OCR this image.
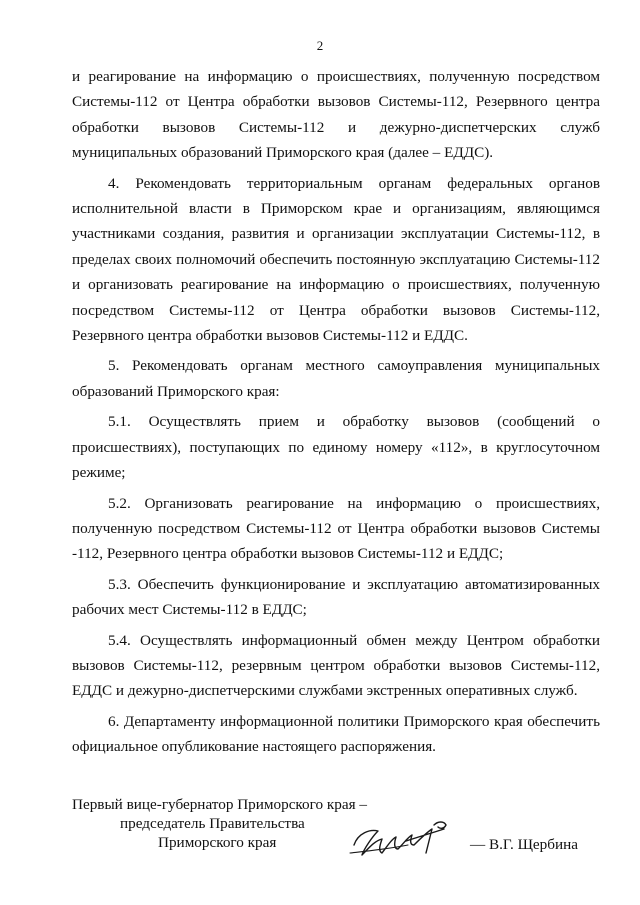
2

и реагирование на информацию о происшествиях, полученную посредством Системы-112 от Центра обработки вызовов Системы-112, Резервного центра обработки вызовов Системы-112 и дежурно-диспетчерских служб муниципальных образований Приморского края (далее – ЕДДС).

4. Рекомендовать территориальным органам федеральных органов исполнительной власти в Приморском крае и организациям, являющимся участниками создания, развития и организации эксплуатации Системы-112, в пределах своих полномочий обеспечить постоянную эксплуатацию Системы-112 и организовать реагирование на информацию о происшествиях, полученную посредством Системы-112 от Центра обработки вызовов Системы-112, Резервного центра обработки вызовов Системы-112 и ЕДДС.

5. Рекомендовать органам местного самоуправления муниципальных образований Приморского края:

5.1. Осуществлять прием и обработку вызовов (сообщений о происшествиях), поступающих по единому номеру «112», в круглосуточном режиме;

5.2. Организовать реагирование на информацию о происшествиях, полученную посредством Системы-112 от Центра обработки вызовов Системы -112, Резервного центра обработки вызовов Системы-112 и ЕДДС;

5.3. Обеспечить функционирование и эксплуатацию автоматизированных рабочих мест Системы-112 в ЕДДС;

5.4. Осуществлять информационный обмен между Центром обработки вызовов Системы-112, резервным центром обработки вызовов Системы-112, ЕДДС и дежурно-диспетчерскими службами экстренных оперативных служб.

6. Департаменту информационной политики Приморского края обеспечить официальное опубликование настоящего распоряжения.

Первый вице-губернатор Приморского края –
председатель Правительства
Приморского края	— В.Г. Щербина
